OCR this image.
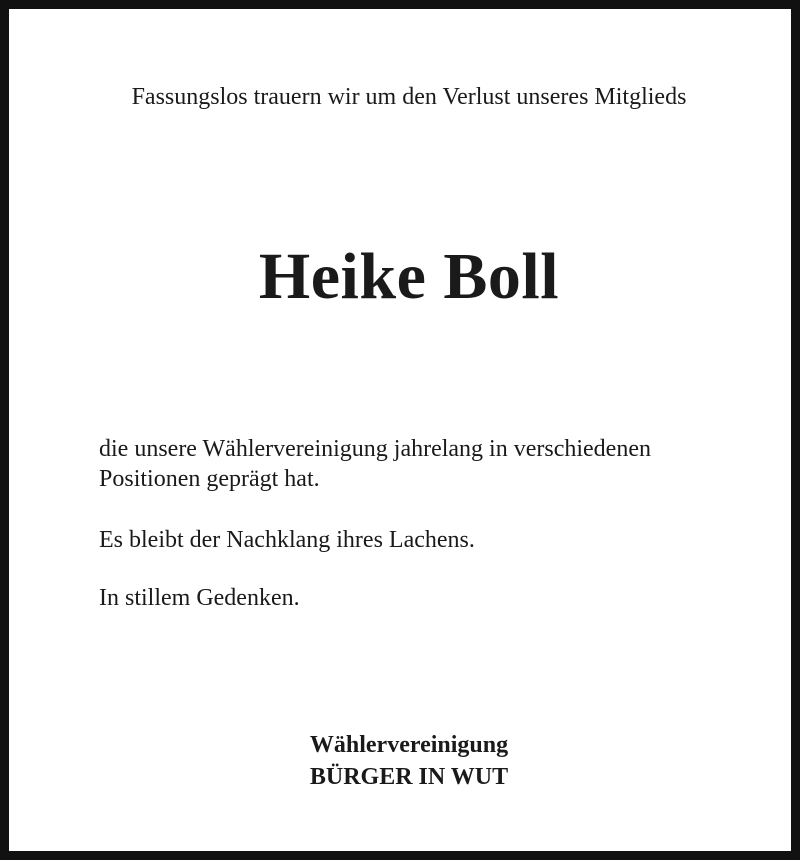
Fassungslos trauern wir um den Verlust unseres Mitglieds
Heike Boll
die unsere Wählervereinigung jahrelang in verschiedenen Positionen geprägt hat.
Es bleibt der Nachklang ihres Lachens.
In stillem Gedenken.
Wählervereinigung
BÜRGER IN WUT
